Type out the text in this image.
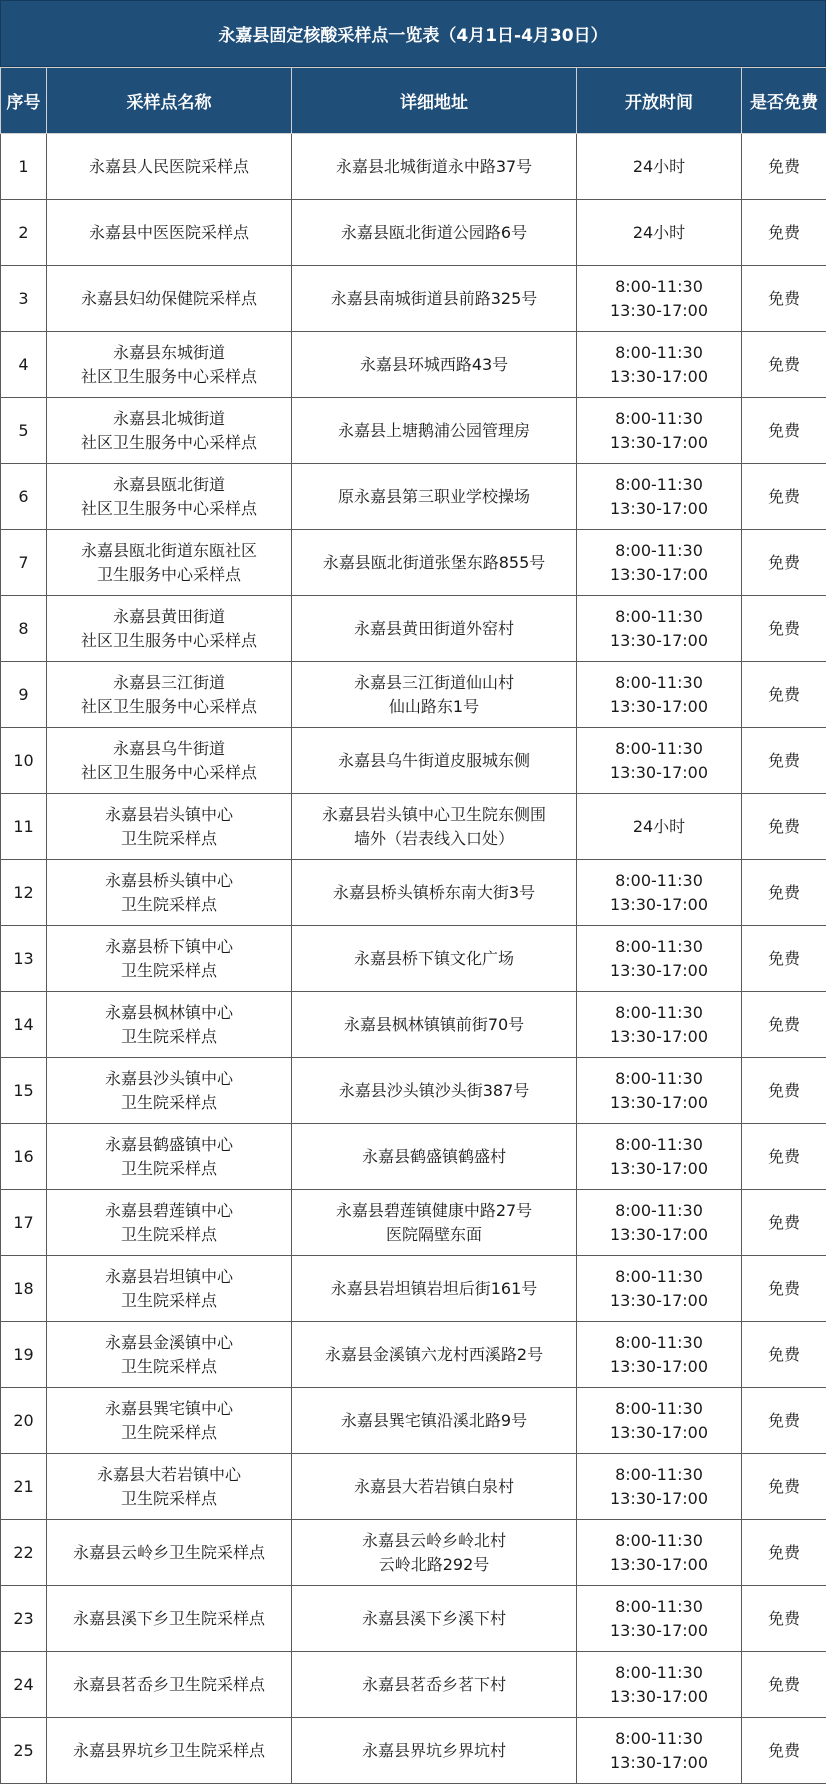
永嘉县固定核酸采样点一览表（4月1日-4月30日）
序号	采样点名称	详细地址	开放时间	是否免费
1	永嘉县人民医院采样点	永嘉县北城街道永中路37号	24小时	免费
2	永嘉县中医医院采样点	永嘉县瓯北街道公园路6号	24小时	免费
3	永嘉县妇幼保健院采样点	永嘉县南城街道县前路325号	8:00-11:30
13:30-17:00	免费
4	永嘉县东城街道
社区卫生服务中心采样点	永嘉县环城西路43号	8:00-11:30
13:30-17:00	免费
5	永嘉县北城街道
社区卫生服务中心采样点	永嘉县上塘鹅浦公园管理房	8:00-11:30
13:30-17:00	免费
6	永嘉县瓯北街道
社区卫生服务中心采样点	原永嘉县第三职业学校操场	8:00-11:30
13:30-17:00	免费
7	永嘉县瓯北街道东瓯社区
卫生服务中心采样点	永嘉县瓯北街道张堡东路855号	8:00-11:30
13:30-17:00	免费
8	永嘉县黄田街道
社区卫生服务中心采样点	永嘉县黄田街道外窑村	8:00-11:30
13:30-17:00	免费
9	永嘉县三江街道
社区卫生服务中心采样点	永嘉县三江街道仙山村
仙山路东1号	8:00-11:30
13:30-17:00	免费
10	永嘉县乌牛街道
社区卫生服务中心采样点	永嘉县乌牛街道皮服城东侧	8:00-11:30
13:30-17:00	免费
11	永嘉县岩头镇中心
卫生院采样点	永嘉县岩头镇中心卫生院东侧围
墙外（岩表线入口处）	24小时	免费
12	永嘉县桥头镇中心
卫生院采样点	永嘉县桥头镇桥东南大街3号	8:00-11:30
13:30-17:00	免费
13	永嘉县桥下镇中心
卫生院采样点	永嘉县桥下镇文化广场	8:00-11:30
13:30-17:00	免费
14	永嘉县枫林镇中心
卫生院采样点	永嘉县枫林镇镇前街70号	8:00-11:30
13:30-17:00	免费
15	永嘉县沙头镇中心
卫生院采样点	永嘉县沙头镇沙头街387号	8:00-11:30
13:30-17:00	免费
16	永嘉县鹤盛镇中心
卫生院采样点	永嘉县鹤盛镇鹤盛村	8:00-11:30
13:30-17:00	免费
17	永嘉县碧莲镇中心
卫生院采样点	永嘉县碧莲镇健康中路27号
医院隔壁东面	8:00-11:30
13:30-17:00	免费
18	永嘉县岩坦镇中心
卫生院采样点	永嘉县岩坦镇岩坦后街161号	8:00-11:30
13:30-17:00	免费
19	永嘉县金溪镇中心
卫生院采样点	永嘉县金溪镇六龙村西溪路2号	8:00-11:30
13:30-17:00	免费
20	永嘉县巽宅镇中心
卫生院采样点	永嘉县巽宅镇沿溪北路9号	8:00-11:30
13:30-17:00	免费
21	永嘉县大若岩镇中心
卫生院采样点	永嘉县大若岩镇白泉村	8:00-11:30
13:30-17:00	免费
22	永嘉县云岭乡卫生院采样点	永嘉县云岭乡岭北村
云岭北路292号	8:00-11:30
13:30-17:00	免费
23	永嘉县溪下乡卫生院采样点	永嘉县溪下乡溪下村	8:00-11:30
13:30-17:00	免费
24	永嘉县茗岙乡卫生院采样点	永嘉县茗岙乡茗下村	8:00-11:30
13:30-17:00	免费
25	永嘉县界坑乡卫生院采样点	永嘉县界坑乡界坑村	8:00-11:30
13:30-17:00	免费
